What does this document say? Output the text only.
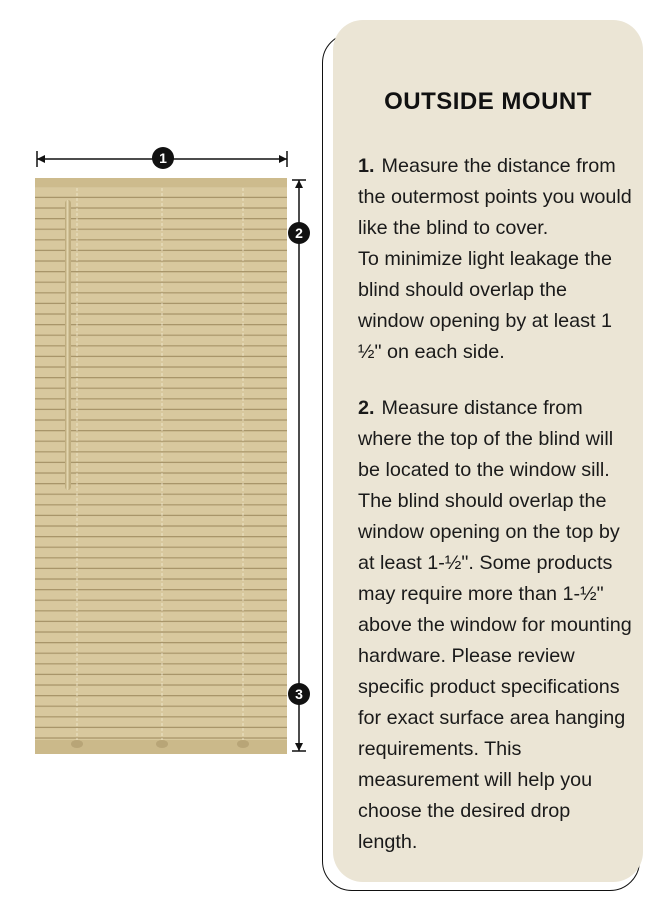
1
2
3
OUTSIDE MOUNT
1. Measure the distance from the outermost points you would like the blind to cover.
To minimize light leakage the blind should overlap the window opening by at least 1 ½" on each side.
2. Measure distance from where the top of the blind will be located to the window sill. The blind should overlap the window opening on the top by at least 1-½". Some products may require more than 1-½" above the window for mounting hardware. Please review specific product specifications for exact surface area hanging requirements. This measurement will help you choose the desired drop length.
